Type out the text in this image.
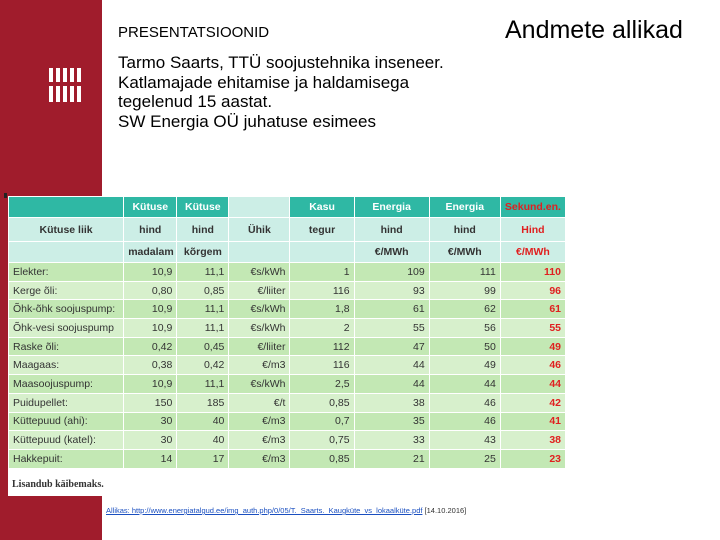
PRESENTATSIOONID	Andmete allikad
Tarmo Saarts, TTÜ soojustehnika inseneer.
Katlamajade ehitamise ja haldamisega
tegelenud 15 aastat.
SW Energia OÜ juhatuse esimees
	Kütuse	Kütuse		Kasu	Energia	Energia	Sekund.en.
Kütuse liik	hind	hind	Ühik	tegur	hind	hind	Hind
	madalam	kõrgem			€/MWh	€/MWh	€/MWh
Elekter:	10,9	11,1	€s/kWh	1	109	111	110
Kerge õli:	0,80	0,85	€/liiter	116	93	99	96
Õhk-õhk soojuspump:	10,9	11,1	€s/kWh	1,8	61	62	61
Õhk-vesi soojuspump	10,9	11,1	€s/kWh	2	55	56	55
Raske õli:	0,42	0,45	€/liiter	112	47	50	49
Maagaas:	0,38	0,42	€/m3	116	44	49	46
Maasoojuspump:	10,9	11,1	€s/kWh	2,5	44	44	44
Puidupellet:	150	185	€/t	0,85	38	46	42
Küttepuud (ahi):	30	40	€/m3	0,7	35	46	41
Küttepuud (katel):	30	40	€/m3	0,75	33	43	38
Hakkepuit:	14	17	€/m3	0,85	21	25	23
Lisandub käibemaks.
Allikas: http://www.energiatalgud.ee/img_auth.php/0/05/T._Saarts._Kaugküte_vs_lokaalküte.pdf [14.10.2016]
